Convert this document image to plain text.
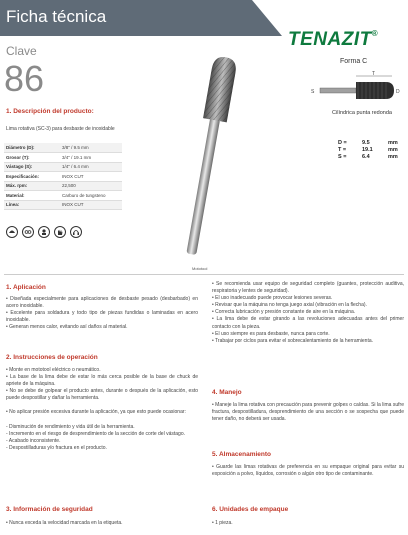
Ficha técnica
TENAZIT®
Clave
86
1. Descripción del producto:
Lima rotativa (SC-3) para desbaste de inoxidable
Diámetro (D):	3/8" / 9.5 mm
Grosor (T):	3/4" / 19.1 mm
Vástago (S):	1/4" / 6.4 mm
Especificación:	INOX CUT
Máx. rpm:	22,500
Material:	Carburo de tungsteno
Línea:	INOX CUT
Mototool
Forma C
T
S	D
Cilíndrica punta redonda
D =	9.5	mm
T =	19.1	mm
S =	6.4	mm
1. Aplicación

• Diseñada especialmente para aplicaciones de desbaste pesado (desbarbado) en acero inoxidable.

• Excelente para soldadura y todo tipo de piezas fundidas o laminadas en acero inoxidable.

• Generan menos calor, evitando así daños al material.

2. Instrucciones de operación

• Monte en mototool eléctrico o neumático.

• La base de la lima debe de estar lo más cerca posible de la base de chuck de apriete de la máquina.

• No se debe de golpear el producto antes, durante o después de la aplicación, esto puede despostillar y dañar la herramienta.

• No aplicar presión excesiva durante la aplicación, ya que esto puede ocasionar:

- Disminución de rendimiento y vida útil de la herramienta.

- Incremento en el riesgo de desprendimiento de la sección de corte del vástago.

- Acabado inconsistente.

- Despostilladuras y/o fractura en el producto.

3. Información de seguridad

• Nunca exceda la velocidad marcada en la etiqueta.

• Se recomienda usar equipo de seguridad completo (guantes, protección auditiva, respiratoria y lentes de seguridad).

• El uso inadecuado puede provocar lesiones severas.

• Revisar que la máquina no tenga juego axial (vibración en la flecha).

• Correcta lubricación y presión constante de aire en la máquina.

• La lima debe de estar girando a las revoluciones adecuadas antes del primer contacto con la pieza.

• El uso siempre es para desbaste, nunca para corte.

• Trabajar por ciclos para evitar el sobrecalentamiento de la herramienta.

4. Manejo

• Maneje la lima rotativa con precaución para prevenir golpes o caídas. Si la lima sufre fractura, despostilladura, desprendimiento de una sección o se sospecha que puede tener daño, no deberá ser usada.

5. Almacenamiento

• Guarde las limas rotativas de preferencia en su empaque original para evitar su exposición a polvo, líquidos, corrosión o algún otro tipo de contaminante.

6. Unidades de empaque

• 1 pieza.
